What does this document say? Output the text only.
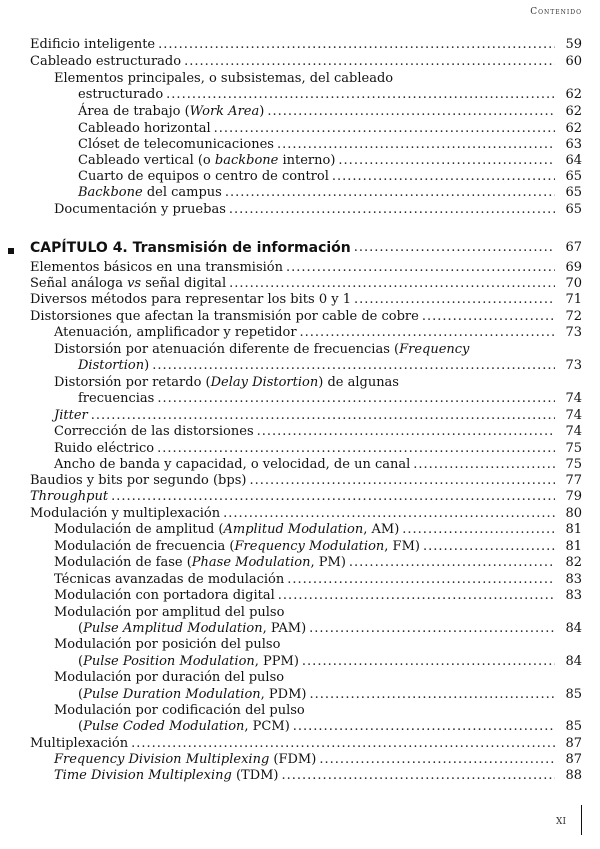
Contenido
Edificio inteligente .....	59
Cableado estructurado .....	60
Elementos principales, o subsistemas, del cableado
estructurado .....	62
Área de trabajo (Work Area) .....	62
Cableado horizontal .....	62
Clóset de telecomunicaciones .....	63
Cableado vertical (o backbone interno) .....	64
Cuarto de equipos o centro de control .....	65
Backbone del campus .....	65
Documentación y pruebas .....	65
CAPÍTULO 4. Transmisión de información .....	67
Elementos básicos en una transmisión .....	69
Señal análoga vs señal digital .....	70
Diversos métodos para representar los bits 0 y 1 .....	71
Distorsiones que afectan la transmisión por cable de cobre .....	72
Atenuación, amplificador y repetidor .....	73
Distorsión por atenuación diferente de frecuencias (Frequency
Distortion) .....	73
Distorsión por retardo (Delay Distortion) de algunas
frecuencias .....	74
Jitter .....	74
Corrección de las distorsiones .....	74
Ruido eléctrico .....	75
Ancho de banda y capacidad, o velocidad, de un canal .....	75
Baudios y bits por segundo (bps) .....	77
Throughput .....	79
Modulación y multiplexación .....	80
Modulación de amplitud (Amplitud Modulation, AM) .....	81
Modulación de frecuencia (Frequency Modulation, FM) .....	81
Modulación de fase (Phase Modulation, PM) .....	82
Técnicas avanzadas de modulación .....	83
Modulación con portadora digital .....	83
Modulación por amplitud del pulso
(Pulse Amplitud Modulation, PAM) .....	84
Modulación por posición del pulso
(Pulse Position Modulation, PPM) .....	84
Modulación por duración del pulso
(Pulse Duration Modulation, PDM) .....	85
Modulación por codificación del pulso
(Pulse Coded Modulation, PCM) .....	85
Multiplexación .....	87
Frequency Division Multiplexing (FDM) .....	87
Time Division Multiplexing (TDM) .....	88
XI
